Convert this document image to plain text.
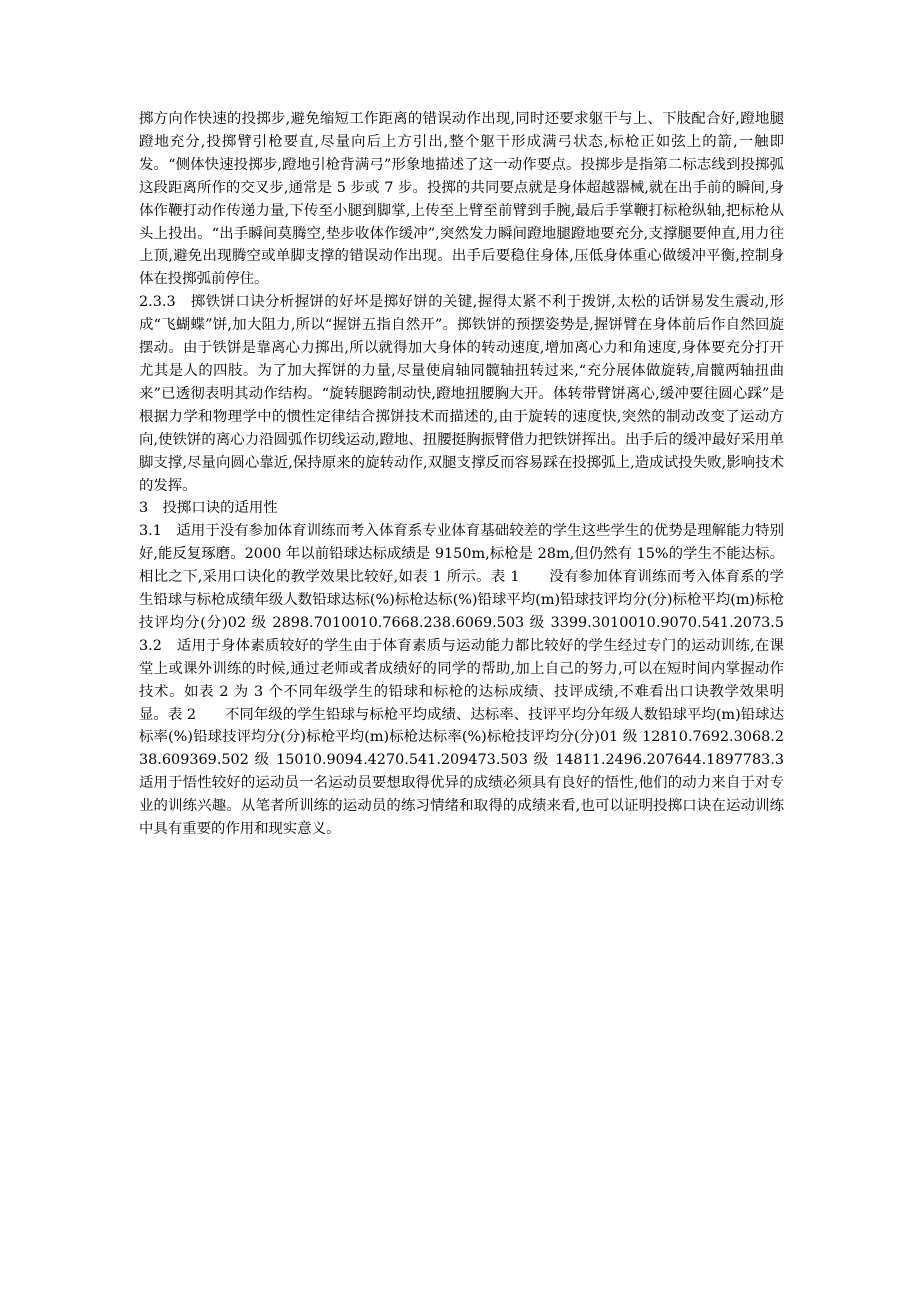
掷方向作快速的投掷步,避免缩短工作距离的错误动作出现,同时还要求躯干与上、下肢配合好,蹬地腿蹬地充分,投掷臂引枪要直,尽量向后上方引出,整个躯干形成满弓状态,标枪正如弦上的箭,一触即发。“侧体快速投掷步,蹬地引枪背满弓”形象地描述了这一动作要点。投掷步是指第二标志线到投掷弧这段距离所作的交叉步,通常是 5 步或 7 步。投掷的共同要点就是身体超越器械,就在出手前的瞬间,身体作鞭打动作传递力量,下传至小腿到脚掌,上传至上臂至前臂到手腕,最后手掌鞭打标枪纵轴,把标枪从头上投出。“出手瞬间莫腾空,垫步收体作缓冲”,突然发力瞬间蹬地腿蹬地要充分,支撑腿要伸直,用力往上顶,避免出现腾空或单脚支撑的错误动作出现。出手后要稳住身体,压低身体重心做缓冲平衡,控制身体在投掷弧前停住。

2.3.3　掷铁饼口诀分析握饼的好坏是掷好饼的关键,握得太紧不利于拨饼,太松的话饼易发生震动,形成“飞蝴蝶”饼,加大阻力,所以“握饼五指自然开”。掷铁饼的预摆姿势是,握饼臂在身体前后作自然回旋摆动。由于铁饼是靠离心力掷出,所以就得加大身体的转动速度,增加离心力和角速度,身体要充分打开尤其是人的四肢。为了加大挥饼的力量,尽量使肩轴同髋轴扭转过来,“充分展体做旋转,肩髋两轴扭曲来”已透彻表明其动作结构。“旋转腿跨制动快,蹬地扭腰胸大开。体转带臂饼离心,缓冲要往圆心踩”是根据力学和物理学中的惯性定律结合掷饼技术而描述的,由于旋转的速度快,突然的制动改变了运动方向,使铁饼的离心力沿圆弧作切线运动,蹬地、扭腰挺胸振臂借力把铁饼挥出。出手后的缓冲最好采用单脚支撑,尽量向圆心靠近,保持原来的旋转动作,双腿支撑反而容易踩在投掷弧上,造成试投失败,影响技术的发挥。

3　投掷口诀的适用性

3.1　适用于没有参加体育训练而考入体育系专业体育基础较差的学生这些学生的优势是理解能力特别好,能反复琢磨。2000 年以前铅球达标成绩是 9150m,标枪是 28m,但仍然有 15%的学生不能达标。相比之下,采用口诀化的教学效果比较好,如表 1 所示。表 1　　没有参加体育训练而考入体育系的学生铅球与标枪成绩年级人数铅球达标(%)标枪达标(%)铅球平均(m)铅球技评均分(分)标枪平均(m)标枪技评均分(分)02 级 2898.7010010.7668.238.6069.503 级 3399.3010010.9070.541.2073.53.2　适用于身体素质较好的学生由于体育素质与运动能力都比较好的学生经过专门的运动训练,在课堂上或课外训练的时候,通过老师或者成绩好的同学的帮助,加上自己的努力,可以在短时间内掌握动作技术。如表 2 为 3 个不同年级学生的铅球和标枪的达标成绩、技评成绩,不难看出口诀教学效果明显。表 2　　不同年级的学生铅球与标枪平均成绩、达标率、技评平均分年级人数铅球平均(m)铅球达标率(%)铅球技评均分(分)标枪平均(m)标枪达标率(%)标枪技评均分(分)01 级 12810.7692.3068.238.609369.502 级 15010.9094.4270.541.209473.503 级 14811.2496.207644.1897783.3　适用于悟性较好的运动员一名运动员要想取得优异的成绩必须具有良好的悟性,他们的动力来自于对专业的训练兴趣。从笔者所训练的运动员的练习情绪和取得的成绩来看,也可以证明投掷口诀在运动训练中具有重要的作用和现实意义。
